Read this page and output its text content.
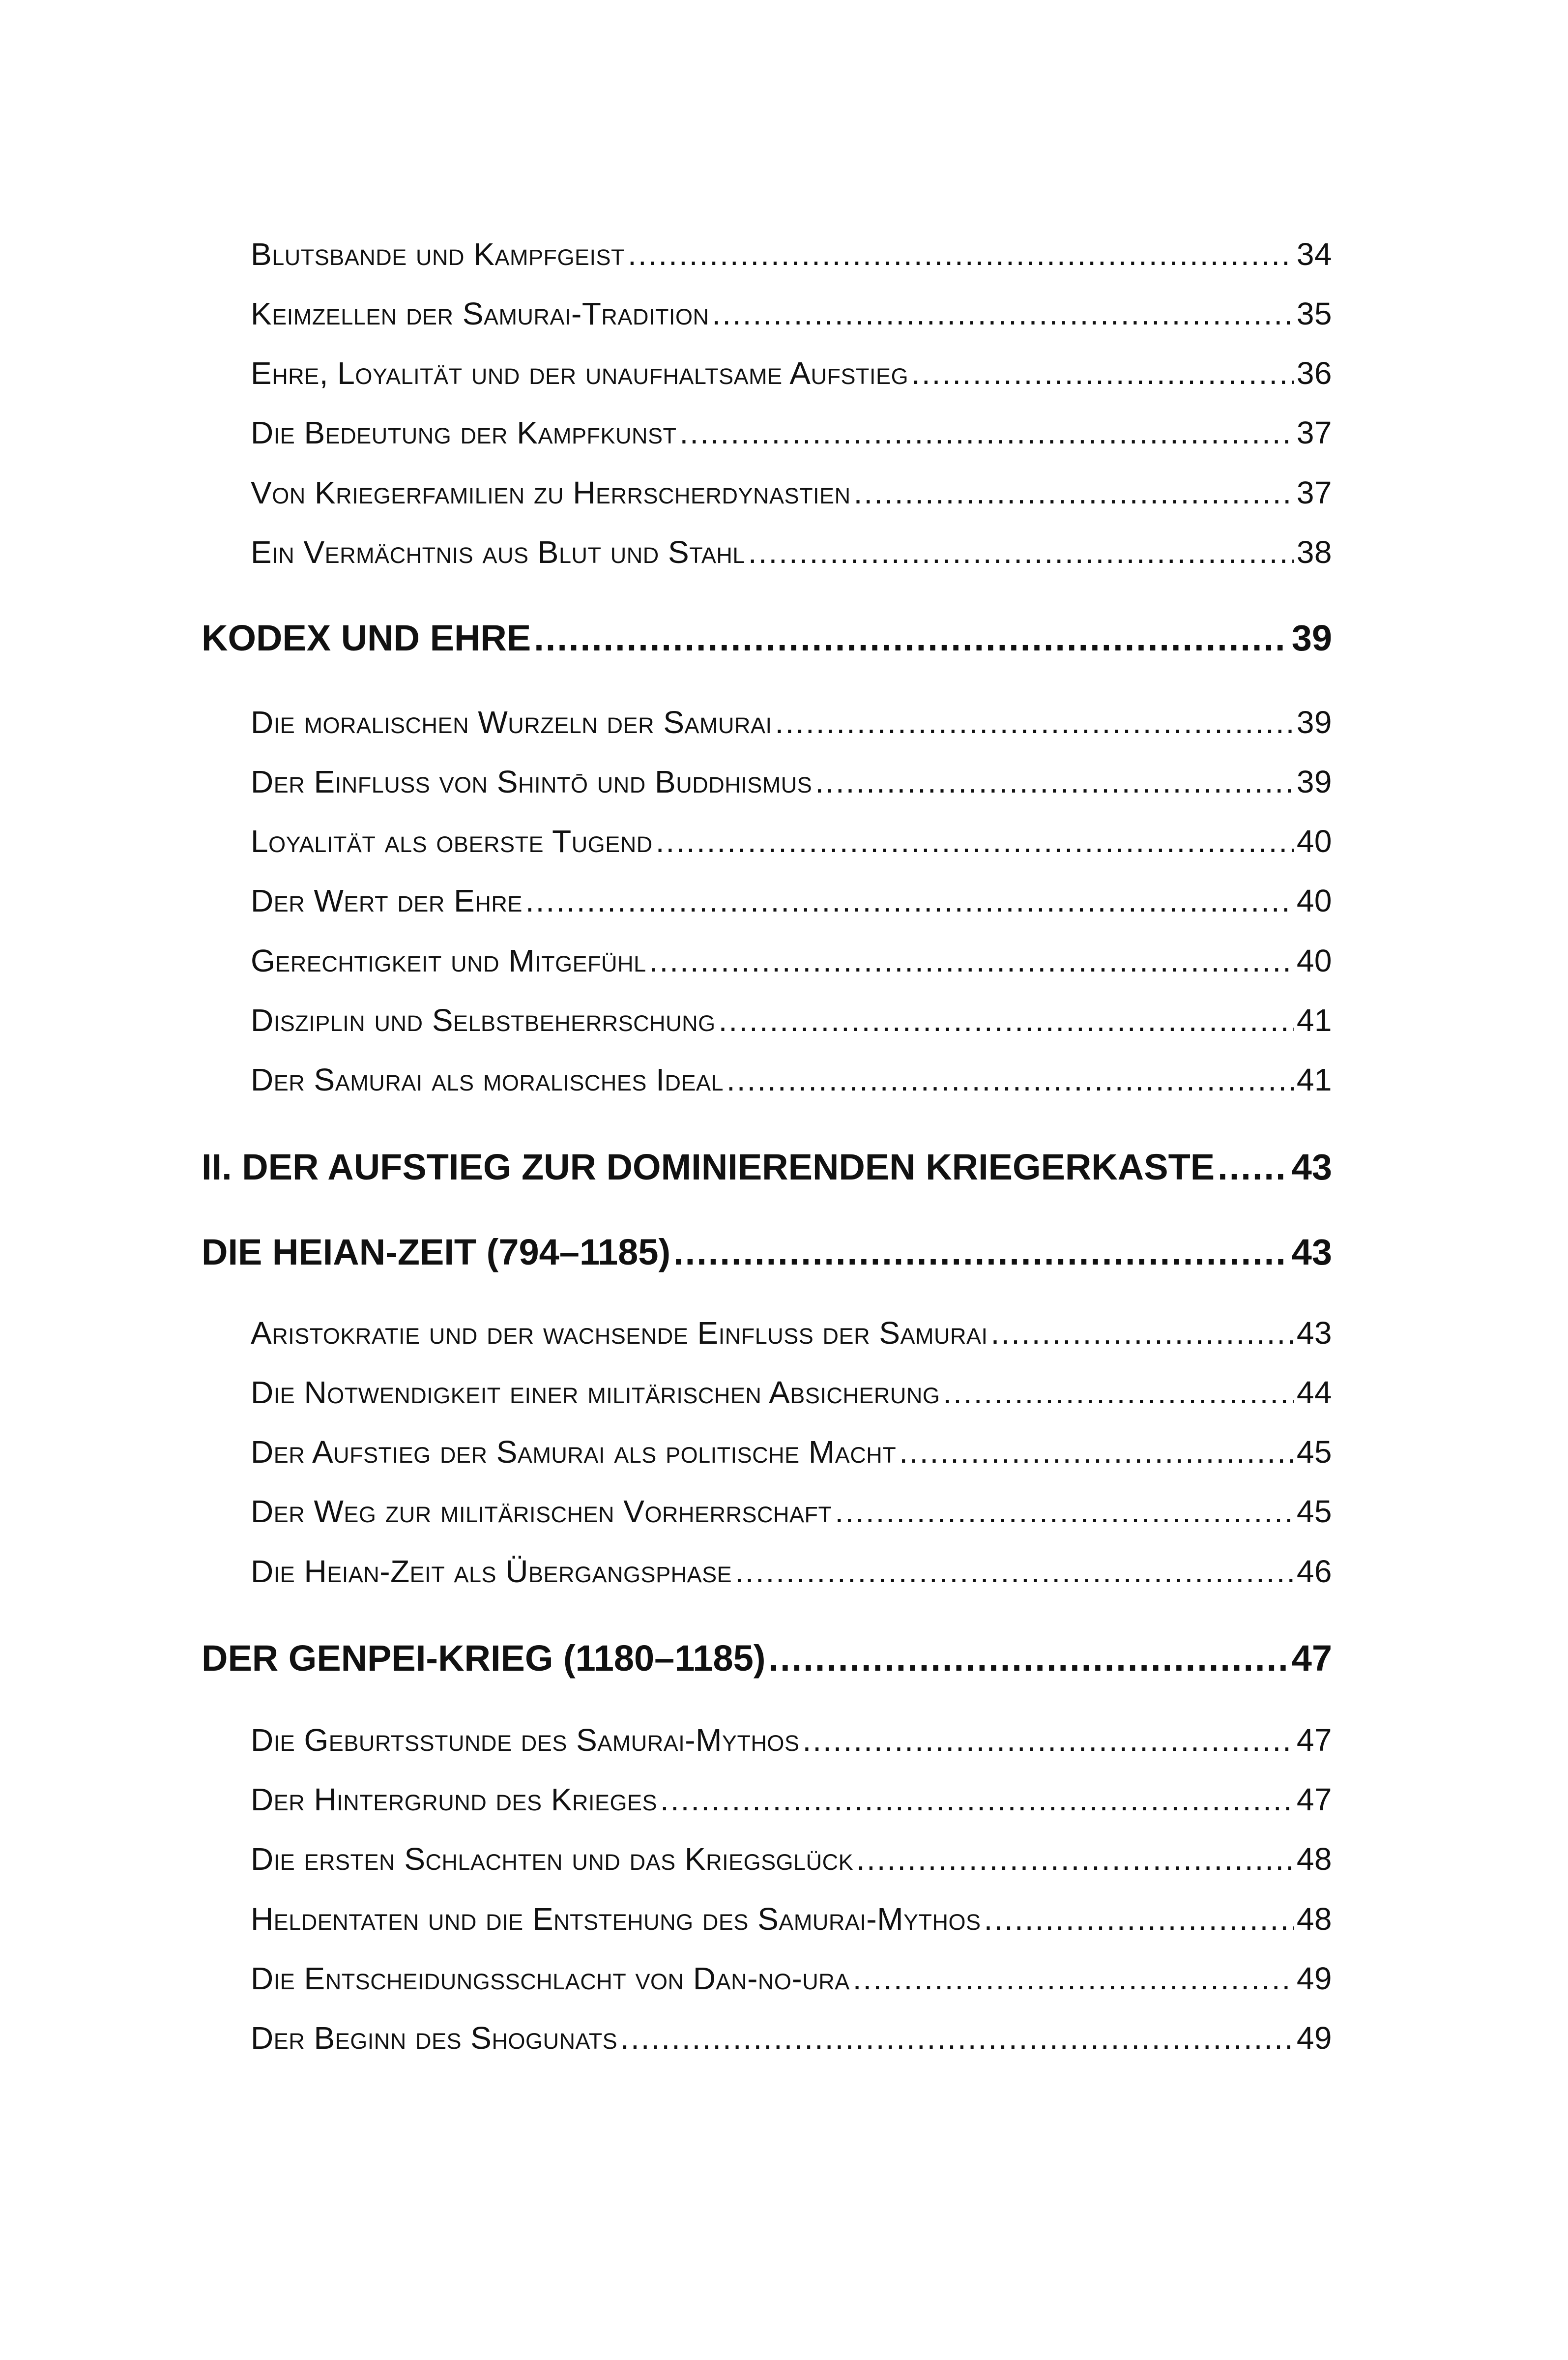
Blutsbande und Kampfgeist .....	34
Keimzellen der Samurai-Tradition .....	35
Ehre, Loyalität und der unaufhaltsame Aufstieg .....	36
Die Bedeutung der Kampfkunst .....	37
Von Kriegerfamilien zu Herrscherdynastien .....	37
Ein Vermächtnis aus Blut und Stahl .....	38
KODEX UND EHRE .....	39
Die moralischen Wurzeln der Samurai .....	39
Der Einfluss von Shintō und Buddhismus .....	39
Loyalität als oberste Tugend .....	40
Der Wert der Ehre .....	40
Gerechtigkeit und Mitgefühl .....	40
Disziplin und Selbstbeherrschung .....	41
Der Samurai als moralisches Ideal .....	41
II. DER AUFSTIEG ZUR DOMINIERENDEN KRIEGERKASTE ..... 43
DIE HEIAN-ZEIT (794–1185) .....	43
Aristokratie und der wachsende Einfluss der Samurai .....	43
Die Notwendigkeit einer militärischen Absicherung .....	44
Der Aufstieg der Samurai als politische Macht .....	45
Der Weg zur militärischen Vorherrschaft .....	45
Die Heian-Zeit als Übergangsphase .....	46
DER GENPEI-KRIEG (1180–1185) .....	47
Die Geburtsstunde des Samurai-Mythos .....	47
Der Hintergrund des Krieges .....	47
Die ersten Schlachten und das Kriegsglück .....	48
Heldentaten und die Entstehung des Samurai-Mythos .....	48
Die Entscheidungsschlacht von Dan-no-ura .....	49
Der Beginn des Shogunats .....	49
